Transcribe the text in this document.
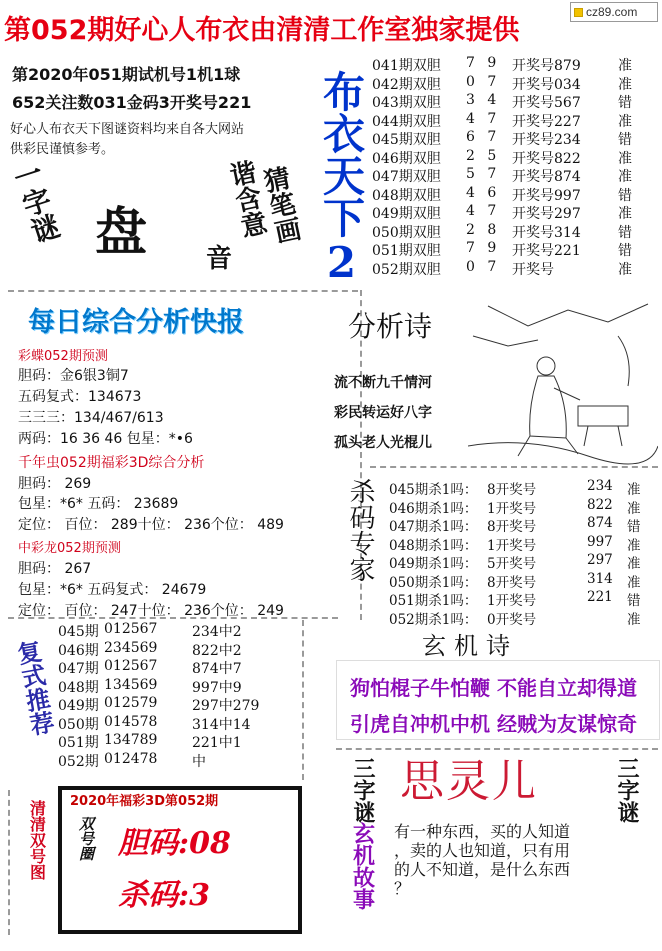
cz89.com
第052期好心人布衣由清清工作室独家提供
第2020年051期试机号1机1球
652关注数031金码3开奖号221
好心人布衣天下图谜资料均来自各大网站
供彩民谨慎参考。
一字谜 盘	猜笔画
谐含意
音 布衣天下2
041期双胆	7 9 开奖号879	准
042期双胆	0 7 开奖号034	准
043期双胆	3 4 开奖号567	错
044期双胆	4 7 开奖号227	准
045期双胆	6 7 开奖号234	错
046期双胆	2 5 开奖号822	准
047期双胆	5 7 开奖号874	准
048期双胆	4 6 开奖号997	错
049期双胆	4 7 开奖号297	准
050期双胆	2 8 开奖号314	错
051期双胆	7 9 开奖号221	错
052期双胆	0 7 开奖号	准
每日综合分析快报
彩蝶052期预测
胆码：金6银3铜7
五码复式：134673
三三三：134/467/613
两码：16 36 46 包星：*•6
千年虫052期福彩3D综合分析
胆码： 269
包星：*6* 五码： 23689
定位： 百位： 289十位： 236个位： 489
中彩龙052期预测
胆码： 267
包星：*6* 五码复式： 24679
定位： 百位： 247十位： 236个位： 249
分析诗
流不断九千情河
彩民转运好八字
孤头老人光棍儿
杀码专家	045期杀1吗： 8开奖号	234	准
046期杀1吗： 1开奖号	822	准
047期杀1吗： 8开奖号	874	错
048期杀1吗： 1开奖号	997	准
049期杀1吗： 5开奖号	297	准
050期杀1吗： 8开奖号	314	准
051期杀1吗： 1开奖号	221	错
052期杀1吗： 0开奖号	准
复式推荐
045期 012567	234中2
046期 234569	822中2
047期 012567	874中7
048期 134569	997中9
049期 012579	297中279
050期 014578	314中14
051期 134789	221中1
052期 012478	中
玄机诗
狗怕棍子牛怕鞭 不能自立却得道
引虎自冲机中机 经贼为友谋惊奇
三字谜 思灵儿	三字谜
玄机故事	有一种东西，买的人知道
，卖的人也知道，只有用
的人不知道，是什么东西
？
清清双号图 2020年福彩3D第052期
双号圈 胆码:08
杀码:3
